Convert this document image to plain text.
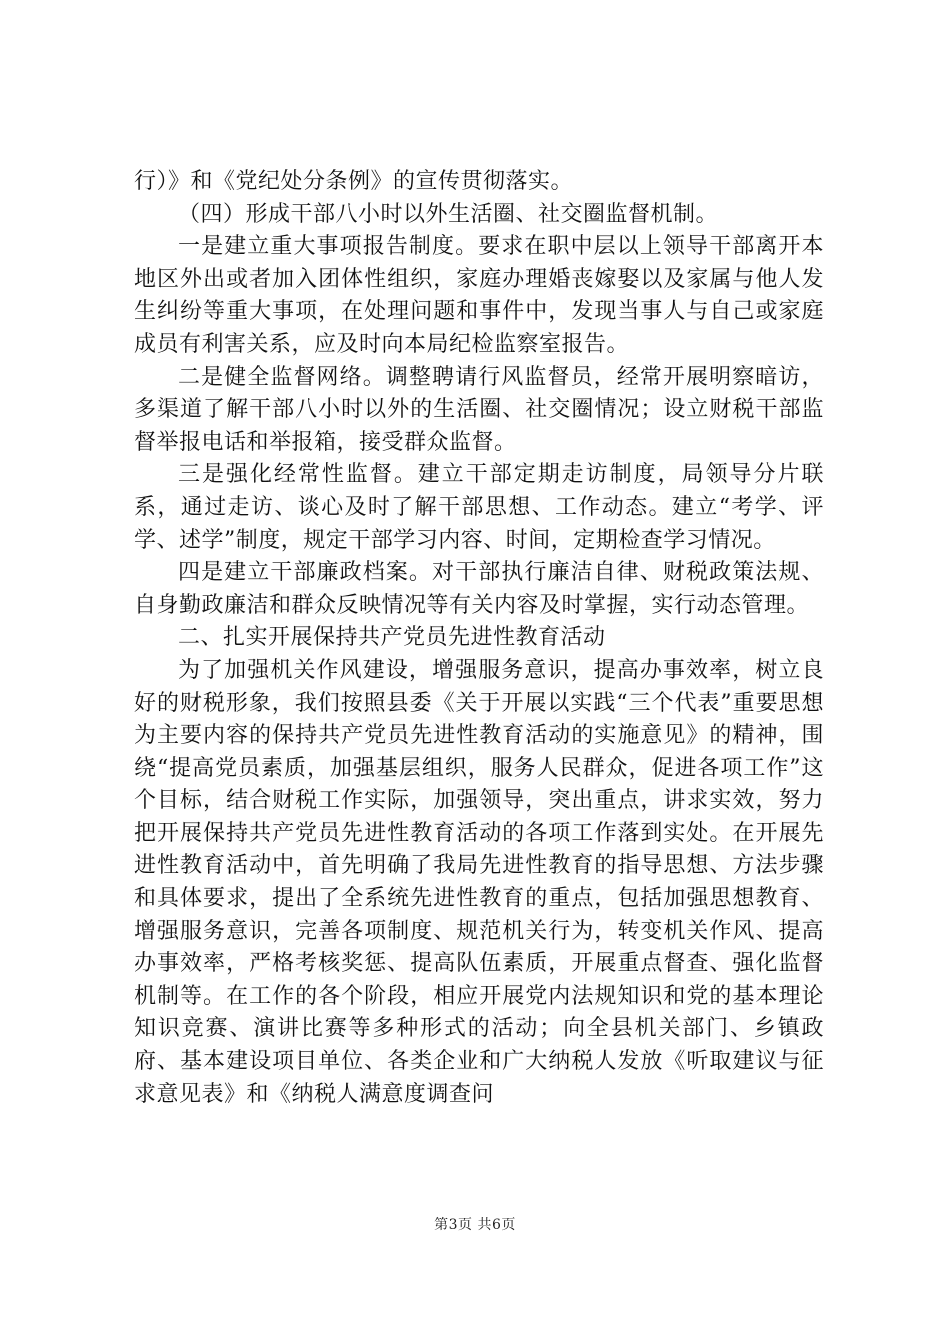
行）》和《党纪处分条例》的宣传贯彻落实。

（四）形成干部八小时以外生活圈、社交圈监督机制。

一是建立重大事项报告制度。要求在职中层以上领导干部离开本地区外出或者加入团体性组织，家庭办理婚丧嫁娶以及家属与他人发生纠纷等重大事项，在处理问题和事件中，发现当事人与自己或家庭成员有利害关系，应及时向本局纪检监察室报告。

二是健全监督网络。调整聘请行风监督员，经常开展明察暗访，多渠道了解干部八小时以外的生活圈、社交圈情况；设立财税干部监督举报电话和举报箱，接受群众监督。

三是强化经常性监督。建立干部定期走访制度，局领导分片联系，通过走访、谈心及时了解干部思想、工作动态。建立“考学、评学、述学”制度，规定干部学习内容、时间，定期检查学习情况。

四是建立干部廉政档案。对干部执行廉洁自律、财税政策法规、自身勤政廉洁和群众反映情况等有关内容及时掌握，实行动态管理。

二、扎实开展保持共产党员先进性教育活动

为了加强机关作风建设，增强服务意识，提高办事效率，树立良好的财税形象，我们按照县委《关于开展以实践“三个代表”重要思想为主要内容的保持共产党员先进性教育活动的实施意见》的精神，围绕“提高党员素质，加强基层组织，服务人民群众，促进各项工作”这个目标，结合财税工作实际，加强领导，突出重点，讲求实效，努力把开展保持共产党员先进性教育活动的各项工作落到实处。在开展先进性教育活动中，首先明确了我局先进性教育的指导思想、方法步骤和具体要求，提出了全系统先进性教育的重点，包括加强思想教育、增强服务意识，完善各项制度、规范机关行为，转变机关作风、提高办事效率，严格考核奖惩、提高队伍素质，开展重点督查、强化监督机制等。在工作的各个阶段，相应开展党内法规知识和党的基本理论知识竞赛、演讲比赛等多种形式的活动；向全县机关部门、乡镇政府、基本建设项目单位、各类企业和广大纳税人发放《听取建议与征求意见表》和《纳税人满意度调查问

第3页 共6页
